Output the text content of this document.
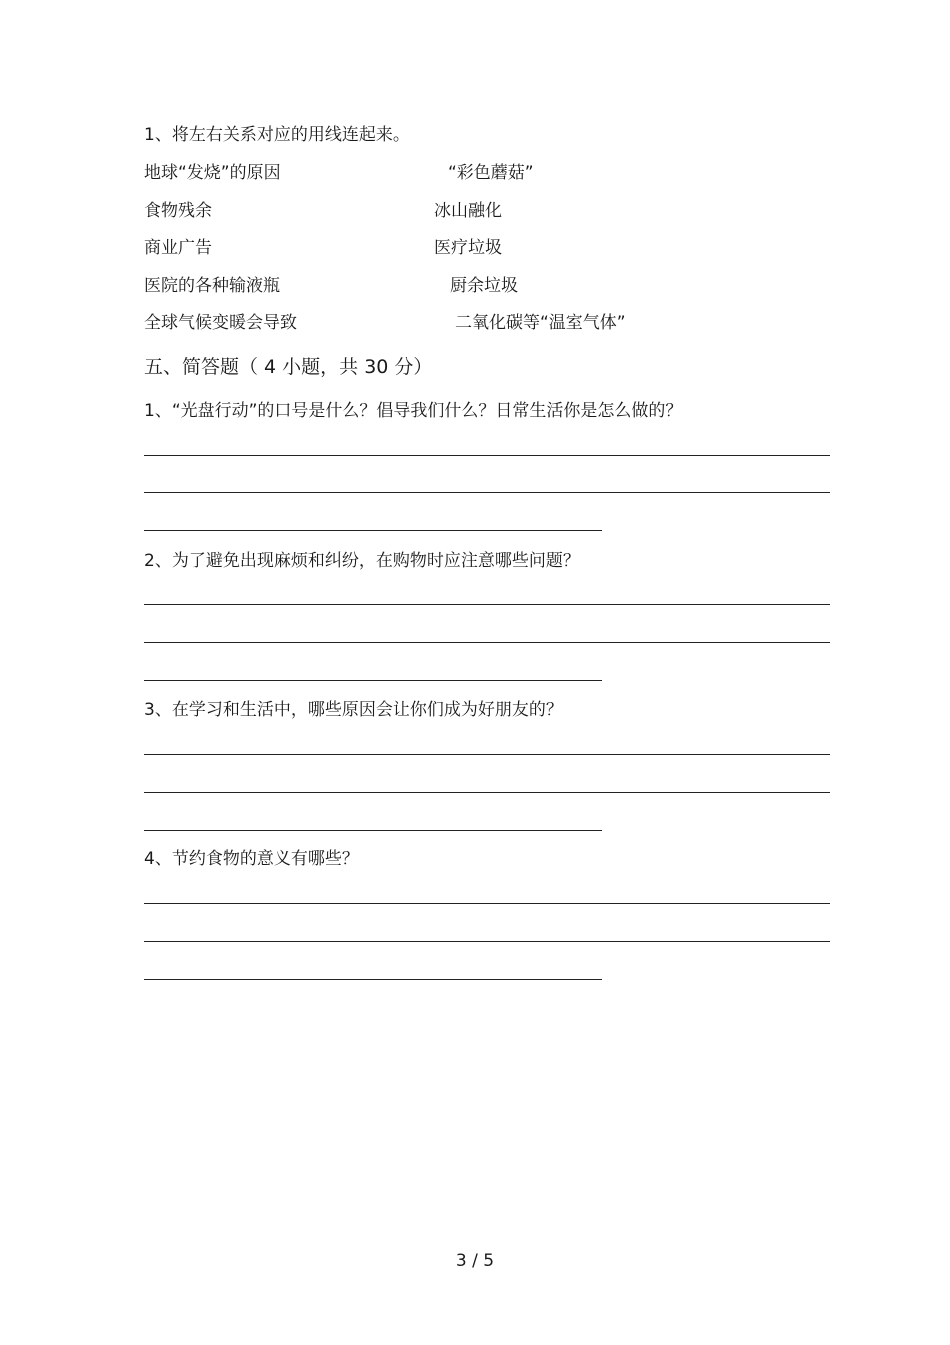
1、将左右关系对应的用线连起来。
地球“发烧”的原因
食物残余
商业广告
医院的各种输液瓶
全球气候变暖会导致
“彩色蘑菇”
冰山融化
医疗垃圾
厨余垃圾
二氧化碳等“温室气体”
五、简答题（ 4 小题，共 30 分）
1、“光盘行动”的口号是什么？倡导我们什么？日常生活你是怎么做的？
2、为了避免出现麻烦和纠纷，在购物时应注意哪些问题？
3、在学习和生活中，哪些原因会让你们成为好朋友的？
4、节约食物的意义有哪些？
3 / 5
